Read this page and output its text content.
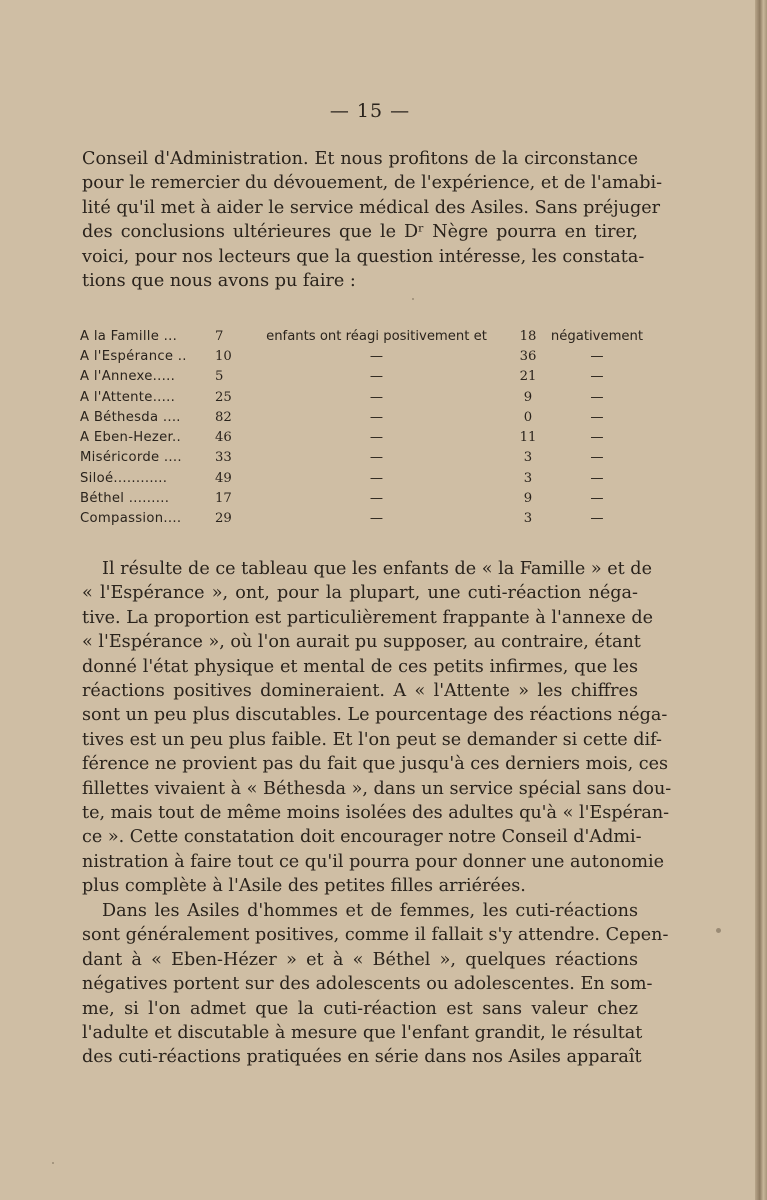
— 15 —
Conseil d'Administration. Et nous profitons de la circonstance
pour le remercier du dévouement, de l'expérience, et de l'amabi-
lité qu'il met à aider le service médical des Asiles. Sans préjuger
des conclusions ultérieures que le Dʳ Nègre pourra en tirer,
voici, pour nos lecteurs que la question intéresse, les constata-
tions que nous avons pu faire :
A la Famille ...	7	enfants ont réagi positivement et	18	négativement
A l'Espérance ..	10	—	36	—
A l'Annexe.....	5	—	21	—
A l'Attente.....	25	—	9	—
A Béthesda ....	82	—	0	—
A Eben-Hezer..	46	—	11	—
Miséricorde ....	33	—	3	—
Siloé............	49	—	3	—
Béthel .........	17	—	9	—
Compassion....	29	—	3	—
Il résulte de ce tableau que les enfants de « la Famille » et de
« l'Espérance », ont, pour la plupart, une cuti-réaction néga-
tive. La proportion est particulièrement frappante à l'annexe de
« l'Espérance », où l'on aurait pu supposer, au contraire, étant
donné l'état physique et mental de ces petits infirmes, que les
réactions positives domineraient. A « l'Attente » les chiffres
sont un peu plus discutables. Le pourcentage des réactions néga-
tives est un peu plus faible. Et l'on peut se demander si cette dif-
férence ne provient pas du fait que jusqu'à ces derniers mois, ces
fillettes vivaient à « Béthesda », dans un service spécial sans dou-
te, mais tout de même moins isolées des adultes qu'à « l'Espéran-
ce ». Cette constatation doit encourager notre Conseil d'Admi-
nistration à faire tout ce qu'il pourra pour donner une autonomie
plus complète à l'Asile des petites filles arriérées.
Dans les Asiles d'hommes et de femmes, les cuti-réactions
sont généralement positives, comme il fallait s'y attendre. Cepen-
dant à « Eben-Hézer » et à « Béthel », quelques réactions
négatives portent sur des adolescents ou adolescentes. En som-
me, si l'on admet que la cuti-réaction est sans valeur chez
l'adulte et discutable à mesure que l'enfant grandit, le résultat
des cuti-réactions pratiquées en série dans nos Asiles apparaît
